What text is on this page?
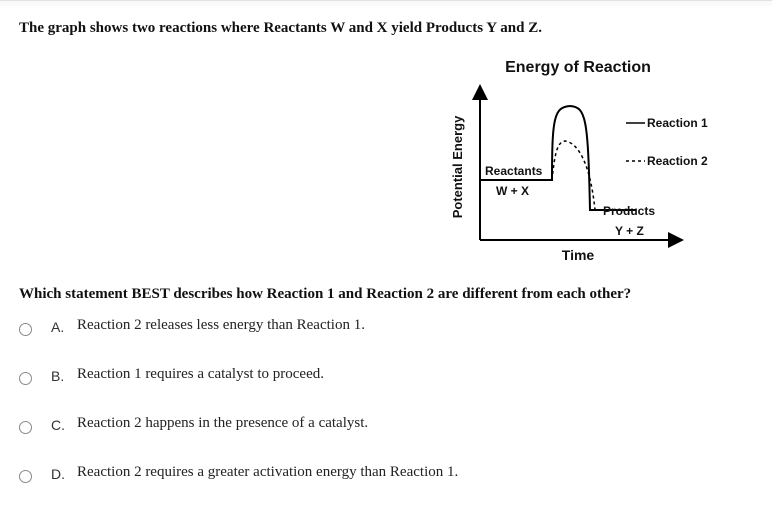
The graph shows two reactions where Reactants W and X yield Products Y and Z.
Energy of Reaction
Potential Energy
Time
Reactants
W + X
Products
Y + Z
Reaction 1
Reaction 2
Which statement BEST describes how Reaction 1 and Reaction 2 are different from each other?
A. Reaction 2 releases less energy than Reaction 1.
B. Reaction 1 requires a catalyst to proceed.
C. Reaction 2 happens in the presence of a catalyst.
D. Reaction 2 requires a greater activation energy than Reaction 1.
